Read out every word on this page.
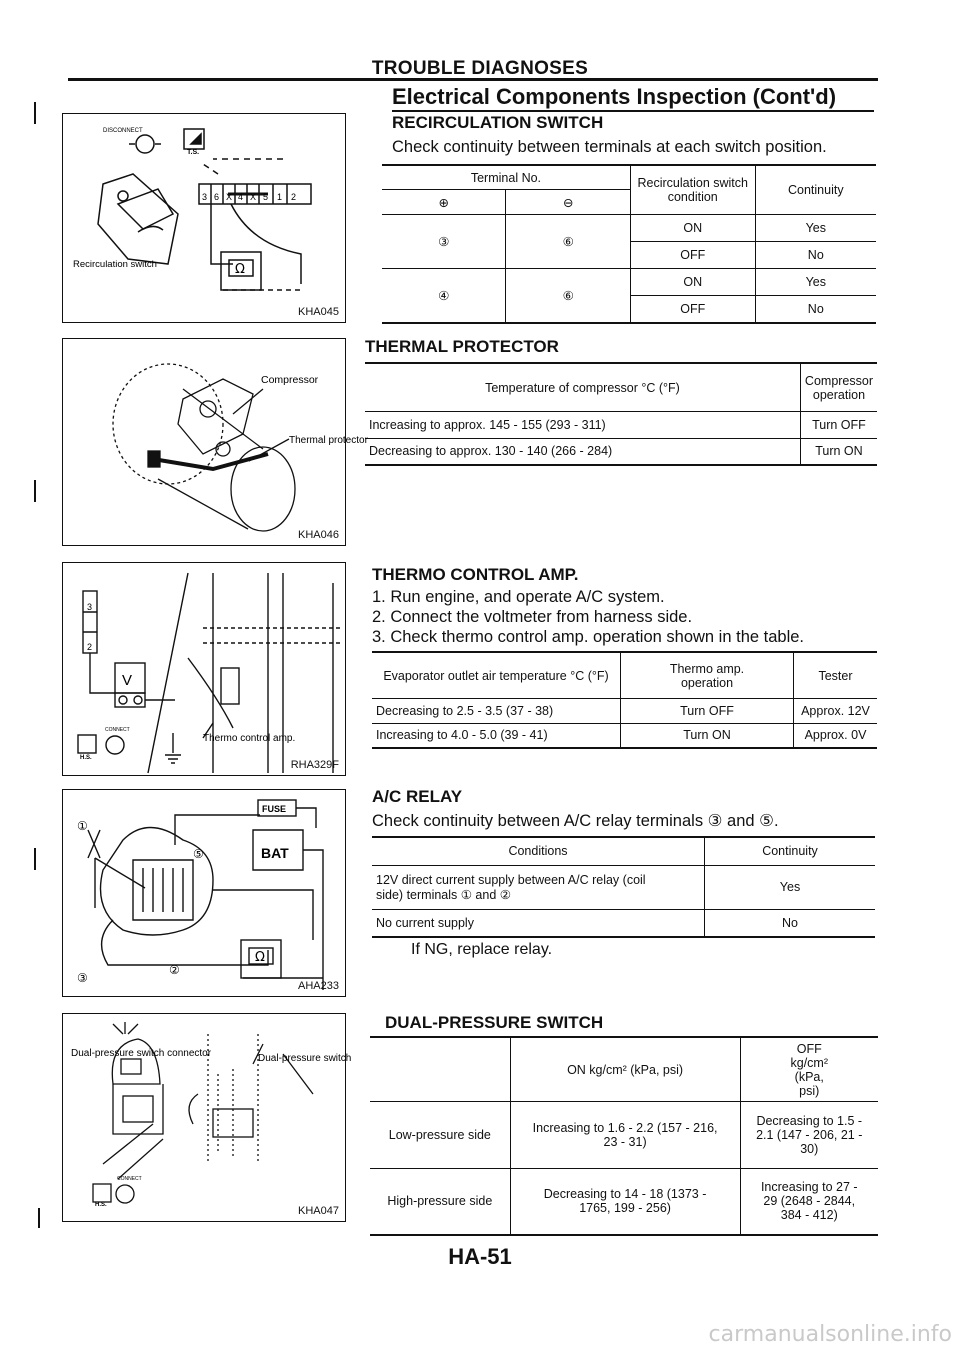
TROUBLE DIAGNOSES
Electrical Components Inspection (Cont'd)
RECIRCULATION SWITCH
Check continuity between terminals at each switch position.
Terminal No.		Recirculation switch condition	Continuity
⊕	⊖		
③	⑥	ON	Yes
		OFF	No
④	⑥	ON	Yes
		OFF	No
THERMAL PROTECTOR
Temperature of compressor °C (°F)	Compressor operation
Increasing to approx. 145 - 155 (293 - 311)	Turn OFF
Decreasing to approx. 130 - 140 (266 - 284)	Turn ON
THERMO CONTROL AMP.
1. Run engine, and operate A/C system.
2. Connect the voltmeter from harness side.
3. Check thermo control amp. operation shown in the table.
Evaporator outlet air temperature °C (°F)	Thermo amp. operation	Tester
Decreasing to 2.5 - 3.5 (37 - 38)	Turn OFF	Approx. 12V
Increasing to 4.0 - 5.0 (39 - 41)	Turn ON	Approx. 0V
A/C RELAY
Check continuity between A/C relay terminals ③ and ⑤.
Conditions	Continuity
12V direct current supply between A/C relay (coil side) terminals ① and ②	Yes
No current supply	No
If NG, replace relay.
DUAL-PRESSURE SWITCH
	ON kg/cm² (kPa, psi)	OFF kg/cm² (kPa, psi)
Low-pressure side	Increasing to 1.6 - 2.2 (157 - 216, 23 - 31)	Decreasing to 1.5 - 2.1 (147 - 206, 21 - 30)
High-pressure side	Decreasing to 14 - 18 (1373 - 1765, 199 - 256)	Increasing to 27 - 29 (2648 - 2844, 384 - 412)
DISCONNECT
T.S.
Recirculation switch
3 6 X 4 X 5 1 2
Ω
KHA045
Compressor
Thermal protector
KHA046
3
2
V
CONNECT
H.S.
Thermo control amp.
RHA329F
①
⑤
③
②
FUSE
BAT
Ω
AHA233
Dual-pressure switch connector	Dual-pressure switch
CONNECT
H.S.	KHA047
HA-51
carmanualsonline.info
